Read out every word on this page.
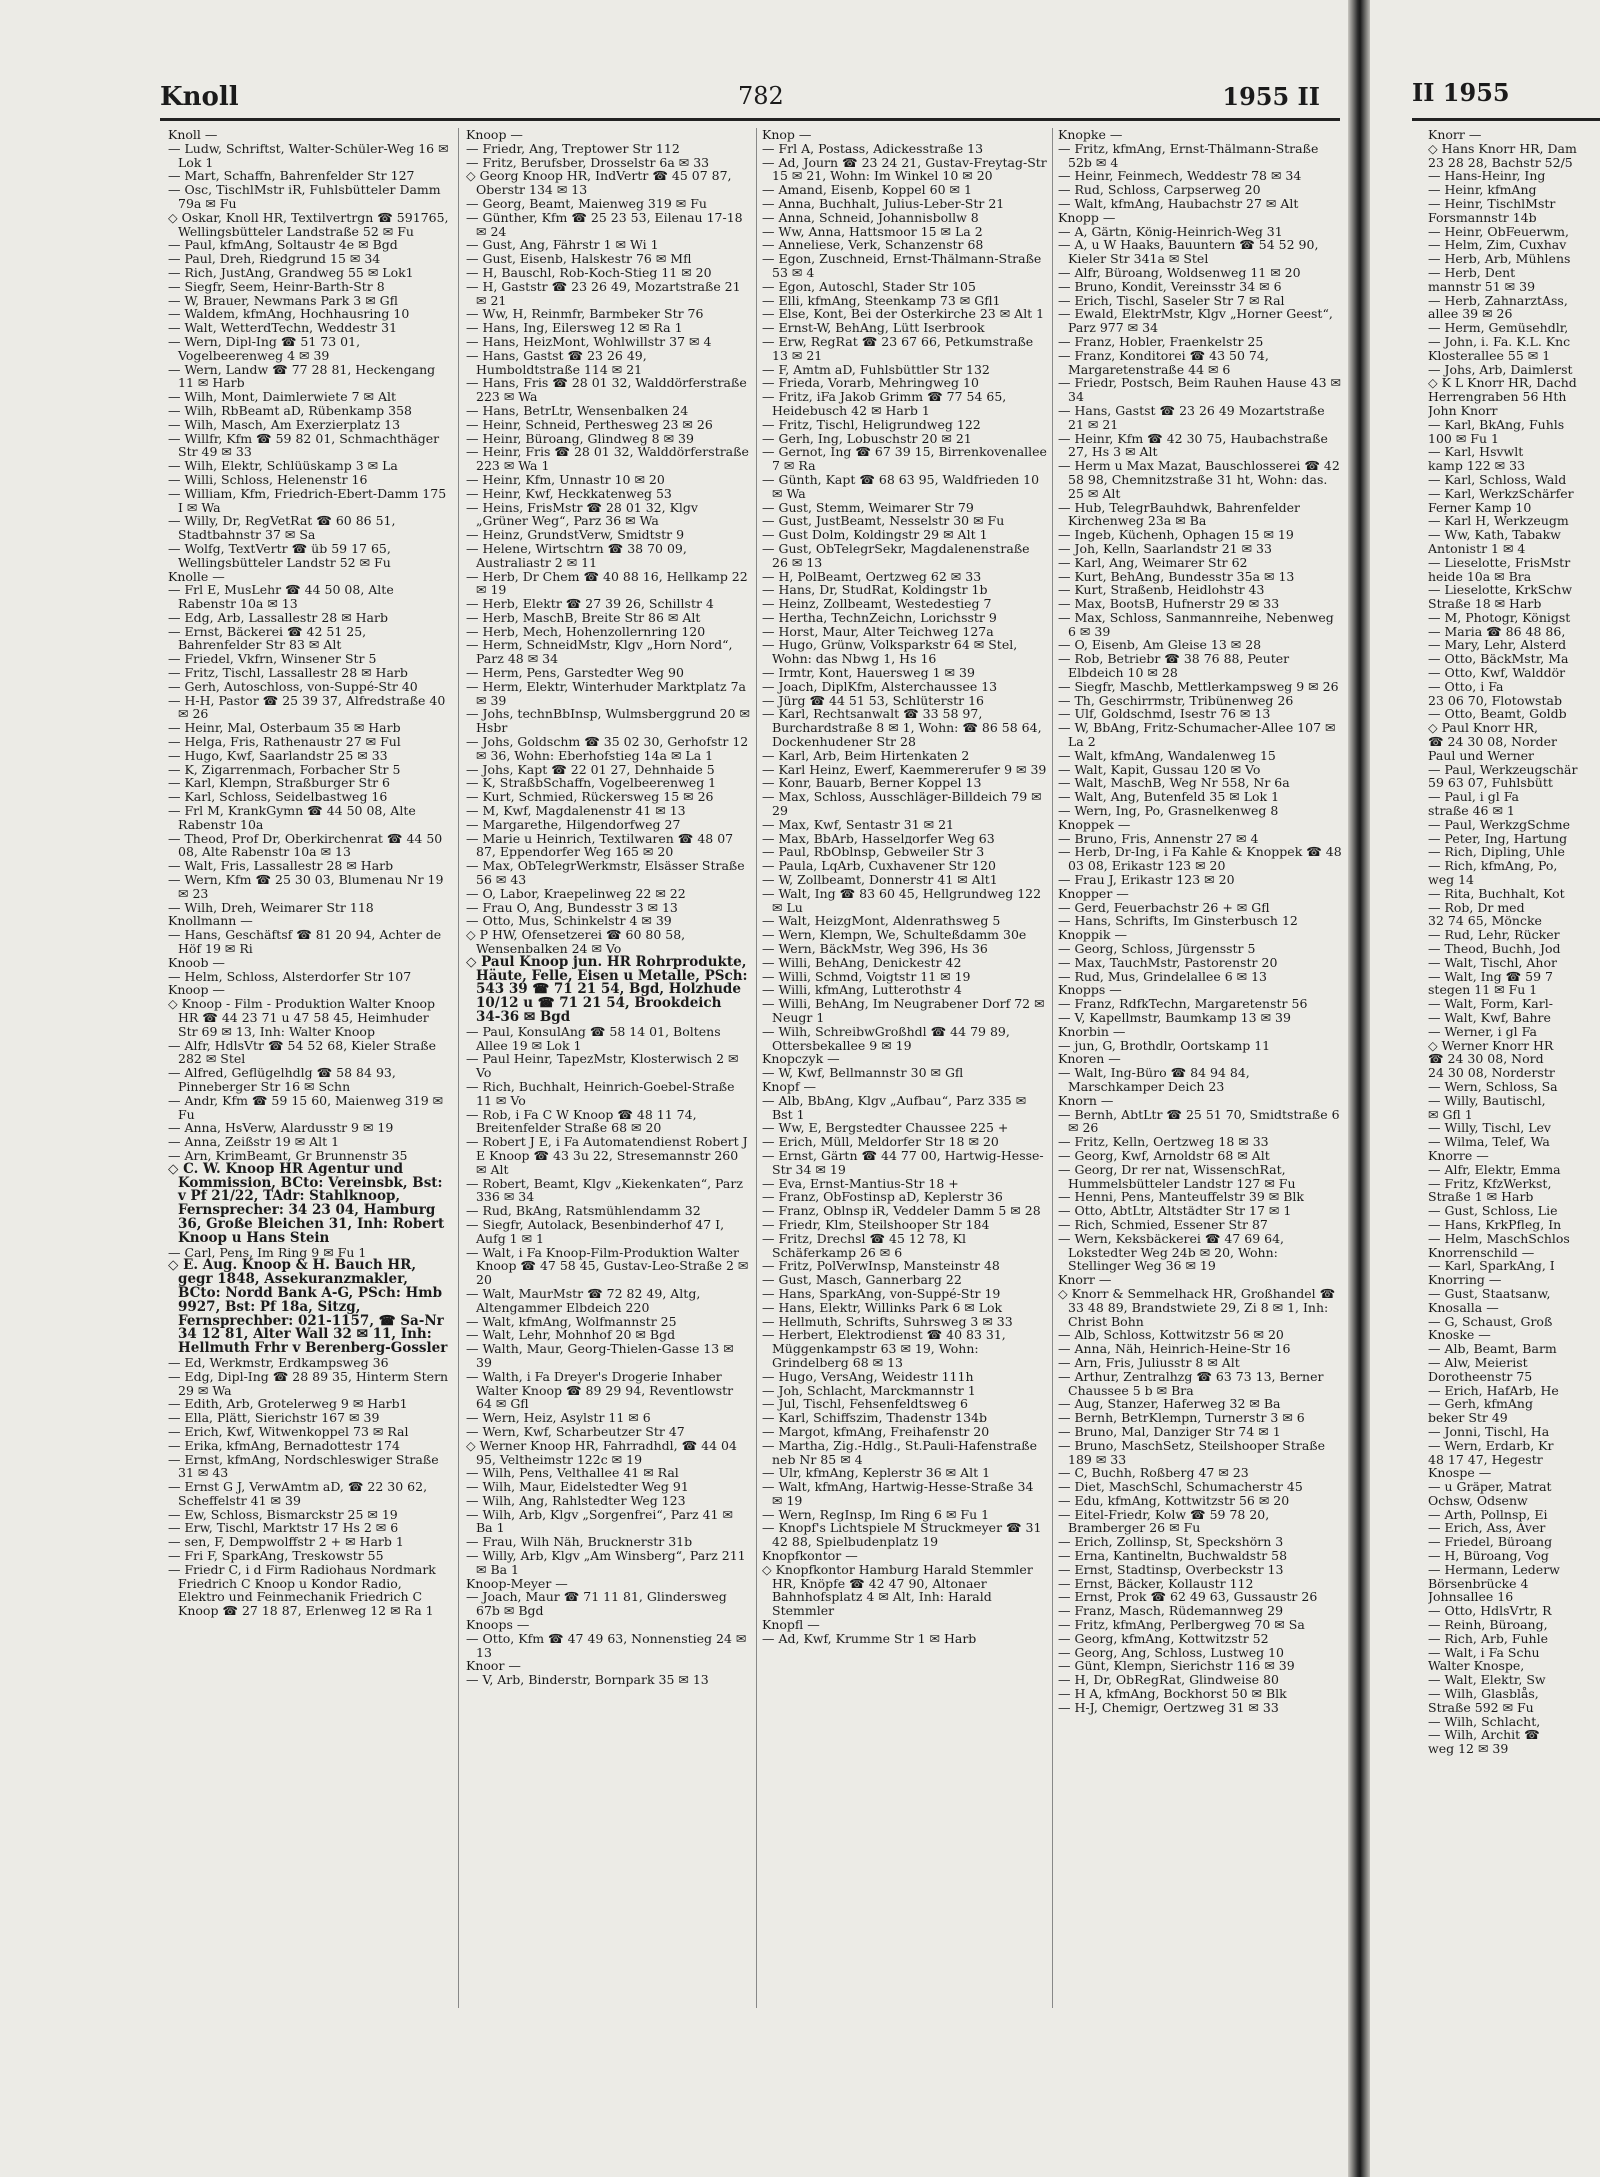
Knoll	782	1955 II

Knoll —

— Ludw, Schriftst, Walter-Schüler-Weg 16 ✉ Lok 1

— Mart, Schaffn, Bahrenfelder Str 127

— Osc, TischlMstr iR, Fuhlsbütteler Damm 79a ✉ Fu

◇ Oskar, Knoll HR, Textilvertrgn ☎ 591765, Wellingsbütteler Landstraße 52 ✉ Fu

— Paul, kfmAng, Soltaustr 4e ✉ Bgd

— Paul, Dreh, Riedgrund 15 ✉ 34

— Rich, JustAng, Grandweg 55 ✉ Lok1

— Siegfr, Seem, Heinr-Barth-Str 8

— W, Brauer, Newmans Park 3 ✉ Gfl

— Waldem, kfmAng, Hochhausring 10

— Walt, WetterdTechn, Weddestr 31

— Wern, Dipl-Ing ☎ 51 73 01, Vogelbeerenweg 4 ✉ 39

— Wern, Landw ☎ 77 28 81, Heckengang 11 ✉ Harb

— Wilh, Mont, Daimlerwiete 7 ✉ Alt

— Wilh, RbBeamt aD, Rübenkamp 358

— Wilh, Masch, Am Exerzierplatz 13

— Willfr, Kfm ☎ 59 82 01, Schmachthäger Str 49 ✉ 33

— Wilh, Elektr, Schlüüskamp 3 ✉ La

— Willi, Schloss, Helenenstr 16

— William, Kfm, Friedrich-Ebert-Damm 175 I ✉ Wa

— Willy, Dr, RegVetRat ☎ 60 86 51, Stadtbahnstr 37 ✉ Sa

— Wolfg, TextVertr ☎ üb 59 17 65, Wellingsbütteler Landstr 52 ✉ Fu

Knolle —

— Frl E, MusLehr ☎ 44 50 08, Alte Rabenstr 10a ✉ 13

— Edg, Arb, Lassallestr 28 ✉ Harb

— Ernst, Bäckerei ☎ 42 51 25, Bahrenfelder Str 83 ✉ Alt

— Friedel, Vkfrn, Winsener Str 5

— Fritz, Tischl, Lassallestr 28 ✉ Harb

— Gerh, Autoschloss, von-Suppé-Str 40

— H-H, Pastor ☎ 25 39 37, Alfredstraße 40 ✉ 26

— Heinr, Mal, Osterbaum 35 ✉ Harb

— Helga, Fris, Rathenaustr 27 ✉ Ful

— Hugo, Kwf, Saarlandstr 25 ✉ 33

— K, Zigarrenmach, Forbacher Str 5

— Karl, Klempn, Straßburger Str 6

— Karl, Schloss, Seidelbastweg 16

— Frl M, KrankGymn ☎ 44 50 08, Alte Rabenstr 10a

— Theod, Prof Dr, Oberkirchenrat ☎ 44 50 08, Alte Rabenstr 10a ✉ 13

— Walt, Fris, Lassallestr 28 ✉ Harb

— Wern, Kfm ☎ 25 30 03, Blumenau Nr 19 ✉ 23

— Wilh, Dreh, Weimarer Str 118

Knollmann —

— Hans, Geschäftsf ☎ 81 20 94, Achter de Höf 19 ✉ Ri

Knoob —

— Helm, Schloss, Alsterdorfer Str 107

Knoop —

◇ Knoop - Film - Produktion Walter Knoop HR ☎ 44 23 71 u 47 58 45, Heimhuder Str 69 ✉ 13, Inh: Walter Knoop

— Alfr, HdlsVtr ☎ 54 52 68, Kieler Straße 282 ✉ Stel

— Alfred, Geflügelhdlg ☎ 58 84 93, Pinneberger Str 16 ✉ Schn

— Andr, Kfm ☎ 59 15 60, Maienweg 319 ✉ Fu

— Anna, HsVerw, Alardusstr 9 ✉ 19

— Anna, Zeißstr 19 ✉ Alt 1

— Arn, KrimBeamt, Gr Brunnenstr 35

◇ C. W. Knoop HR Agentur und Kommission, BCto: Vereinsbk, Bst: v Pf 21/22, TAdr: Stahlknoop, Fernsprecher: 34 23 04, Hamburg 36, Große Bleichen 31, Inh: Robert Knoop u Hans Stein

— Carl, Pens, Im Ring 9 ✉ Fu 1

◇ E. Aug. Knoop & H. Bauch HR, gegr 1848, Assekuranzmakler, BCto: Nordd Bank A-G, PSch: Hmb 9927, Bst: Pf 18a, Sitzg, Fernsprechber: 021-1157, ☎ Sa-Nr 34 12 81, Alter Wall 32 ✉ 11, Inh: Hellmuth Frhr v Berenberg-Gossler

— Ed, Werkmstr, Erdkampsweg 36

— Edg, Dipl-Ing ☎ 28 89 35, Hinterm Stern 29 ✉ Wa

— Edith, Arb, Grotelerweg 9 ✉ Harb1

— Ella, Plätt, Sierichstr 167 ✉ 39

— Erich, Kwf, Witwenkoppel 73 ✉ Ral

— Erika, kfmAng, Bernadottestr 174

— Ernst, kfmAng, Nordschleswiger Straße 31 ✉ 43

— Ernst G J, VerwAmtm aD, ☎ 22 30 62, Scheffelstr 41 ✉ 39

— Ew, Schloss, Bismarckstr 25 ✉ 19

— Erw, Tischl, Marktstr 17 Hs 2 ✉ 6

— sen, F, Dempwolffstr 2 + ✉ Harb 1

— Fri F, SparkAng, Treskowstr 55

— Friedr C, i d Firm Radiohaus Nordmark Friedrich C Knoop u Kondor Radio, Elektro und Feinmechanik Friedrich C Knoop ☎ 27 18 87, Erlenweg 12 ✉ Ra 1

Knoop —

— Friedr, Ang, Treptower Str 112

— Fritz, Berufsber, Drosselstr 6a ✉ 33

◇ Georg Knoop HR, IndVertr ☎ 45 07 87, Oberstr 134 ✉ 13

— Georg, Beamt, Maienweg 319 ✉ Fu

— Günther, Kfm ☎ 25 23 53, Eilenau 17-18 ✉ 24

— Gust, Ang, Fährstr 1 ✉ Wi 1

— Gust, Eisenb, Halskestr 76 ✉ Mfl

— H, Bauschl, Rob-Koch-Stieg 11 ✉ 20

— H, Gaststr ☎ 23 26 49, Mozartstraße 21 ✉ 21

— Ww, H, Reinmfr, Barmbeker Str 76

— Hans, Ing, Eilersweg 12 ✉ Ra 1

— Hans, HeizMont, Wohlwillstr 37 ✉ 4

— Hans, Gastst ☎ 23 26 49, Humboldtstraße 114 ✉ 21

— Hans, Fris ☎ 28 01 32, Walddörferstraße 223 ✉ Wa

— Hans, BetrLtr, Wensenbalken 24

— Heinr, Schneid, Perthesweg 23 ✉ 26

— Heinr, Büroang, Glindweg 8 ✉ 39

— Heinr, Fris ☎ 28 01 32, Walddörferstraße 223 ✉ Wa 1

— Heinr, Kfm, Unnastr 10 ✉ 20

— Heinr, Kwf, Heckkatenweg 53

— Heins, FrisMstr ☎ 28 01 32, Klgv „Grüner Weg“, Parz 36 ✉ Wa

— Heinz, GrundstVerw, Smidtstr 9

— Helene, Wirtschtrn ☎ 38 70 09, Australiastr 2 ✉ 11

— Herb, Dr Chem ☎ 40 88 16, Hellkamp 22 ✉ 19

— Herb, Elektr ☎ 27 39 26, Schillstr 4

— Herb, MaschB, Breite Str 86 ✉ Alt

— Herb, Mech, Hohenzollernring 120

— Herm, SchneidMstr, Klgv „Horn Nord“, Parz 48 ✉ 34

— Herm, Pens, Garstedter Weg 90

— Herm, Elektr, Winterhuder Marktplatz 7a ✉ 39

— Johs, technBbInsp, Wulmsberggrund 20 ✉ Hsbr

— Johs, Goldschm ☎ 35 02 30, Gerhofstr 12 ✉ 36, Wohn: Eberhofstieg 14a ✉ La 1

— Johs, Kapt ☎ 22 01 27, Dehnhaide 5

— K, StraßbSchaffn, Vogelbeerenweg 1

— Kurt, Schmied, Rückersweg 15 ✉ 26

— M, Kwf, Magdalenenstr 41 ✉ 13

— Margarethe, Hilgendorfweg 27

— Marie u Heinrich, Textilwaren ☎ 48 07 87, Eppendorfer Weg 165 ✉ 20

— Max, ObTelegrWerkmstr, Elsässer Straße 56 ✉ 43

— O, Labor, Kraepelinweg 22 ✉ 22

— Frau O, Ang, Bundesstr 3 ✉ 13

— Otto, Mus, Schinkelstr 4 ✉ 39

◇ P HW, Ofensetzerei ☎ 60 80 58, Wensenbalken 24 ✉ Vo

◇ Paul Knoop jun. HR Rohrprodukte, Häute, Felle, Eisen u Metalle, PSch: 543 39 ☎ 71 21 54, Bgd, Holzhude 10/12 u ☎ 71 21 54, Brookdeich 34-36 ✉ Bgd

— Paul, KonsulAng ☎ 58 14 01, Boltens Allee 19 ✉ Lok 1

— Paul Heinr, TapezMstr, Klosterwisch 2 ✉ Vo

— Rich, Buchhalt, Heinrich-Goebel-Straße 11 ✉ Vo

— Rob, i Fa C W Knoop ☎ 48 11 74, Breitenfelder Straße 68 ✉ 20

— Robert J E, i Fa Automatendienst Robert J E Knoop ☎ 43 3u 22, Stresemannstr 260 ✉ Alt

— Robert, Beamt, Klgv „Kiekenkaten“, Parz 336 ✉ 34

— Rud, BkAng, Ratsmühlendamm 32

— Siegfr, Autolack, Besenbinderhof 47 I, Aufg 1 ✉ 1

— Walt, i Fa Knoop-Film-Produktion Walter Knoop ☎ 47 58 45, Gustav-Leo-Straße 2 ✉ 20

— Walt, MaurMstr ☎ 72 82 49, Altg, Altengammer Elbdeich 220

— Walt, kfmAng, Wolfmannstr 25

— Walt, Lehr, Mohnhof 20 ✉ Bgd

— Walth, Maur, Georg-Thielen-Gasse 13 ✉ 39

— Walth, i Fa Dreyer's Drogerie Inhaber Walter Knoop ☎ 89 29 94, Reventlowstr 64 ✉ Gfl

— Wern, Heiz, Asylstr 11 ✉ 6

— Wern, Kwf, Scharbeutzer Str 47

◇ Werner Knoop HR, Fahrradhdl, ☎ 44 04 95, Veltheimstr 122c ✉ 19

— Wilh, Pens, Velthallee 41 ✉ Ral

— Wilh, Maur, Eidelstedter Weg 91

— Wilh, Ang, Rahlstedter Weg 123

— Wilh, Arb, Klgv „Sorgenfrei“, Parz 41 ✉ Ba 1

— Frau, Wilh Näh, Brucknerstr 31b

— Willy, Arb, Klgv „Am Winsberg“, Parz 211 ✉ Ba 1

Knoop-Meyer —

— Joach, Maur ☎ 71 11 81, Glindersweg 67b ✉ Bgd

Knoops —

— Otto, Kfm ☎ 47 49 63, Nonnenstieg 24 ✉ 13

Knoor —

— V, Arb, Binderstr, Bornpark 35 ✉ 13

Knop —

— Frl A, Postass, Adickesstraße 13

— Ad, Journ ☎ 23 24 21, Gustav-Freytag-Str 15 ✉ 21, Wohn: Im Winkel 10 ✉ 20

— Amand, Eisenb, Koppel 60 ✉ 1

— Anna, Buchhalt, Julius-Leber-Str 21

— Anna, Schneid, Johannisbollw 8

— Ww, Anna, Hattsmoor 15 ✉ La 2

— Anneliese, Verk, Schanzenstr 68

— Egon, Zuschneid, Ernst-Thälmann-Straße 53 ✉ 4

— Egon, Autoschl, Stader Str 105

— Elli, kfmAng, Steenkamp 73 ✉ Gfl1

— Else, Kont, Bei der Osterkirche 23 ✉ Alt 1

— Ernst-W, BehAng, Lütt Iserbrook

— Erw, RegRat ☎ 23 67 66, Petkumstraße 13 ✉ 21

— F, Amtm aD, Fuhlsbüttler Str 132

— Frieda, Vorarb, Mehringweg 10

— Fritz, iFa Jakob Grimm ☎ 77 54 65, Heidebusch 42 ✉ Harb 1

— Fritz, Tischl, Heligrundweg 122

— Gerh, Ing, Lobuschstr 20 ✉ 21

— Gernot, Ing ☎ 67 39 15, Birrenkovenallee 7 ✉ Ra

— Günth, Kapt ☎ 68 63 95, Waldfrieden 10 ✉ Wa

— Gust, Stemm, Weimarer Str 79

— Gust, JustBeamt, Nesselstr 30 ✉ Fu

— Gust Dolm, Koldingstr 29 ✉ Alt 1

— Gust, ObTelegrSekr, Magdalenenstraße 26 ✉ 13

— H, PolBeamt, Oertzweg 62 ✉ 33

— Hans, Dr, StudRat, Koldingstr 1b

— Heinz, Zollbeamt, Westedestieg 7

— Hertha, TechnZeichn, Lorichsstr 9

— Horst, Maur, Alter Teichweg 127a

— Hugo, Grünw, Volksparkstr 64 ✉ Stel, Wohn: das Nbwg 1, Hs 16

— Irmtr, Kont, Hauersweg 1 ✉ 39

— Joach, DiplKfm, Alsterchaussee 13

— Jürg ☎ 44 51 53, Schlüterstr 16

— Karl, Rechtsanwalt ☎ 33 58 97, Burchardstraße 8 ✉ 1, Wohn: ☎ 86 58 64, Dockenhudener Str 28

— Karl, Arb, Beim Hirtenkaten 2

— Karl Heinz, Ewerf, Kaemmererufer 9 ✉ 39

— Konr, Bauarb, Berner Koppel 13

— Max, Schloss, Ausschläger-Billdeich 79 ✉ 29

— Max, Kwf, Sentastr 31 ✉ 21

— Max, BbArb, Hasselдorfer Weg 63

— Paul, RbOblnsp, Gebweiler Str 3

— Paula, LqArb, Cuxhavener Str 120

— W, Zollbeamt, Donnerstr 41 ✉ Alt1

— Walt, Ing ☎ 83 60 45, Hellgrundweg 122 ✉ Lu

— Walt, HeizgMont, Aldenrathsweg 5

— Wern, Klempn, We, Schulteßdamm 30e

— Wern, BäckMstr, Weg 396, Hs 36

— Willi, BehAng, Denickestr 42

— Willi, Schmd, Voigtstr 11 ✉ 19

— Willi, kfmAng, Lutterothstr 4

— Willi, BehAng, Im Neugrabener Dorf 72 ✉ Neugr 1

— Wilh, SchreibwGroßhdl ☎ 44 79 89, Ottersbekallee 9 ✉ 19

Knopczyk —

— W, Kwf, Bellmannstr 30 ✉ Gfl

Knopf —

— Alb, BbAng, Klgv „Aufbau“, Parz 335 ✉ Bst 1

— Ww, E, Bergstedter Chaussee 225 +

— Erich, Müll, Meldorfer Str 18 ✉ 20

— Ernst, Gärtn ☎ 44 77 00, Hartwig-Hesse-Str 34 ✉ 19

— Eva, Ernst-Mantius-Str 18 +

— Franz, ObFostinsp aD, Keplerstr 36

— Franz, Oblnsp iR, Veddeler Damm 5 ✉ 28

— Friedr, Klm, Steilshooper Str 184

— Fritz, Drechsl ☎ 45 12 78, Kl Schäferkamp 26 ✉ 6

— Fritz, PolVerwInsp, Mansteinstr 48

— Gust, Masch, Gannerbarg 22

— Hans, SparkAng, von-Suppé-Str 19

— Hans, Elektr, Willinks Park 6 ✉ Lok

— Hellmuth, Schrifts, Suhrsweg 3 ✉ 33

— Herbert, Elektrodienst ☎ 40 83 31, Müggenkampstr 63 ✉ 19, Wohn: Grindelberg 68 ✉ 13

— Hugo, VersAng, Weidestr 111h

— Joh, Schlacht, Marckmannstr 1

— Jul, Tischl, Fehsenfeldtsweg 6

— Karl, Schiffszim, Thadenstr 134b

— Margot, kfmAng, Freihafenstr 20

— Martha, Zig.-Hdlg., St.Pauli-Hafenstraße neb Nr 85 ✉ 4

— Ulr, kfmAng, Keplerstr 36 ✉ Alt 1

— Walt, kfmAng, Hartwig-Hesse-Straße 34 ✉ 19

— Wern, RegInsp, Im Ring 6 ✉ Fu 1

— Knopf's Lichtspiele M Struckmeyer ☎ 31 42 88, Spielbudenplatz 19

Knopfkontor —

◇ Knopfkontor Hamburg Harald Stemmler HR, Knöpfe ☎ 42 47 90, Altonaer Bahnhofsplatz 4 ✉ Alt, Inh: Harald Stemmler

Knopfl —

— Ad, Kwf, Krumme Str 1 ✉ Harb

Knopke —

— Fritz, kfmAng, Ernst-Thälmann-Straße 52b ✉ 4

— Heinr, Feinmech, Weddestr 78 ✉ 34

— Rud, Schloss, Carpserweg 20

— Walt, kfmAng, Haubachstr 27 ✉ Alt

Knopp —

— A, Gärtn, König-Heinrich-Weg 31

— A, u W Haaks, Bauuntern ☎ 54 52 90, Kieler Str 341a ✉ Stel

— Alfr, Büroang, Woldsenweg 11 ✉ 20

— Bruno, Kondit, Vereinsstr 34 ✉ 6

— Erich, Tischl, Saseler Str 7 ✉ Ral

— Ewald, ElektrMstr, Klgv „Horner Geest“, Parz 977 ✉ 34

— Franz, Hobler, Fraenkelstr 25

— Franz, Konditorei ☎ 43 50 74, Margaretenstraße 44 ✉ 6

— Friedr, Postsch, Beim Rauhen Hause 43 ✉ 34

— Hans, Gastst ☎ 23 26 49 Mozartstraße 21 ✉ 21

— Heinr, Kfm ☎ 42 30 75, Haubachstraße 27, Hs 3 ✉ Alt

— Herm u Max Mazat, Bauschlosserei ☎ 42 58 98, Chemnitzstraße 31 ht, Wohn: das. 25 ✉ Alt

— Hub, TelegrBauhdwk, Bahrenfelder Kirchenweg 23a ✉ Ba

— Ingeb, Küchenh, Ophagen 15 ✉ 19

— Joh, Kelln, Saarlandstr 21 ✉ 33

— Karl, Ang, Weimarer Str 62

— Kurt, BehAng, Bundesstr 35a ✉ 13

— Kurt, Straßenb, Heidlohstr 43

— Max, BootsB, Hufnerstr 29 ✉ 33

— Max, Schloss, Sanmannreihe, Nebenweg 6 ✉ 39

— O, Eisenb, Am Gleise 13 ✉ 28

— Rob, Betriebr ☎ 38 76 88, Peuter Elbdeich 10 ✉ 28

— Siegfr, Maschb, Mettlerkampsweg 9 ✉ 26

— Th, Geschirrmstr, Tribünenweg 26

— Ulf, Goldschmd, Isestr 76 ✉ 13

— W, BbAng, Fritz-Schumacher-Allee 107 ✉ La 2

— Walt, kfmAng, Wandalenweg 15

— Walt, Kapit, Gussau 120 ✉ Vo

— Walt, MaschB, Weg Nr 558, Nr 6a

— Walt, Ang, Butenfeld 35 ✉ Lok 1

— Wern, Ing, Po, Grasnelkenweg 8

Knoppek —

— Bruno, Fris, Annenstr 27 ✉ 4

— Herb, Dr-Ing, i Fa Kahle & Knoppek ☎ 48 03 08, Erikastr 123 ✉ 20

— Frau J, Erikastr 123 ✉ 20

Knopper —

— Gerd, Feuerbachstr 26 + ✉ Gfl

— Hans, Schrifts, Im Ginsterbusch 12

Knoppik —

— Georg, Schloss, Jürgensstr 5

— Max, TauchMstr, Pastorenstr 20

— Rud, Mus, Grindelallee 6 ✉ 13

Knopps —

— Franz, RdfkTechn, Margaretenstr 56

— V, Kapellmstr, Baumkamp 13 ✉ 39

Knorbin —

— jun, G, Brothdlr, Oortskamp 11

Knoren —

— Walt, Ing-Büro ☎ 84 94 84, Marschkamper Deich 23

Knorn —

— Bernh, AbtLtr ☎ 25 51 70, Smidtstraße 6 ✉ 26

— Fritz, Kelln, Oertzweg 18 ✉ 33

— Georg, Kwf, Arnoldstr 68 ✉ Alt

— Georg, Dr rer nat, WissenschRat, Hummelsbütteler Landstr 127 ✉ Fu

— Henni, Pens, Manteuffelstr 39 ✉ Blk

— Otto, AbtLtr, Altstädter Str 17 ✉ 1

— Rich, Schmied, Essener Str 87

— Wern, Keksbäckerei ☎ 47 69 64, Lokstedter Weg 24b ✉ 20, Wohn: Stellinger Weg 36 ✉ 19

Knorr —

◇ Knorr & Semmelhack HR, Großhandel ☎ 33 48 89, Brandstwiete 29, Zi 8 ✉ 1, Inh: Christ Bohn

— Alb, Schloss, Kottwitzstr 56 ✉ 20

— Anna, Näh, Heinrich-Heine-Str 16

— Arn, Fris, Juliusstr 8 ✉ Alt

— Arthur, Zentralhzg ☎ 63 73 13, Berner Chaussee 5 b ✉ Bra

— Aug, Stanzer, Haferweg 32 ✉ Ba

— Bernh, BetrKlempn, Turnerstr 3 ✉ 6

— Bruno, Mal, Danziger Str 74 ✉ 1

— Bruno, MaschSetz, Steilshooper Straße 189 ✉ 33

— C, Buchh, Roßberg 47 ✉ 23

— Diet, MaschSchl, Schumacherstr 45

— Edu, kfmAng, Kottwitzstr 56 ✉ 20

— Eitel-Friedr, Kolw ☎ 59 78 20, Bramberger 26 ✉ Fu

— Erich, Zollinsp, St, Speckshörn 3

— Erna, Kantineltn, Buchwaldstr 58

— Ernst, Stadtinsp, Overbeckstr 13

— Ernst, Bäcker, Kollaustr 112

— Ernst, Prok ☎ 62 49 63, Gussaustr 26

— Franz, Masch, Rüdemannweg 29

— Fritz, kfmAng, Perlbergweg 70 ✉ Sa

— Georg, kfmAng, Kottwitzstr 52

— Georg, Ang, Schloss, Lustweg 10

— Günt, Klempn, Sierichstr 116 ✉ 39

— H, Dr, ObRegRat, Glindweise 80

— H A, kfmAng, Bockhorst 50 ✉ Blk

— H-J, Chemigr, Oertzweg 31 ✉ 33

II 1955

Knorr —

◇ Hans Knorr HR, Dam

23 28 28, Bachstr 52/5

— Hans-Heinr, Ing

— Heinr, kfmAng

— Heinr, TischlMstr

Forsmannstr 14b

— Heinr, ObFeuerwm,

— Helm, Zim, Cuxhav

— Herb, Arb, Mühlens

— Herb, Dent

mannstr 51 ✉ 39

— Herb, ZahnarztAss,

allee 39 ✉ 26

— Herm, Gemüsehdlr,

— John, i. Fa. K.L. Knc

Klosterallee 55 ✉ 1

— Johs, Arb, Daimlerst

◇ K L Knorr HR, Dachd

Herrengraben 56 Hth

John Knorr

— Karl, BkAng, Fuhls

100 ✉ Fu 1

— Karl, Hsvwlt

kamp 122 ✉ 33

— Karl, Schloss, Wald

— Karl, WerkzSchärfer

Ferner Kamp 10

— Karl H, Werkzeugm

— Ww, Kath, Tabakw

Antonistr 1 ✉ 4

— Lieselotte, FrisMstr

heide 10a ✉ Bra

— Lieselotte, KrkSchw

Straße 18 ✉ Harb

— M, Photogr, Königst

— Maria ☎ 86 48 86,

— Mary, Lehr, Alsterd

— Otto, BäckMstr, Ma

— Otto, Kwf, Walddör

— Otto, i Fa

23 06 70, Flotowstab

— Otto, Beamt, Goldb

◇ Paul Knorr HR,

☎ 24 30 08, Norder

Paul und Werner

— Paul, Werkzeugschär

59 63 07, Fuhlsbütt

— Paul, i gl Fa

straße 46 ✉ 1

— Paul, WerkzgSchme

— Peter, Ing, Hartung

— Rich, Dipling, Uhle

— Rich, kfmAng, Po,

weg 14

— Rita, Buchhalt, Kot

— Rob, Dr med

32 74 65, Möncke

— Rud, Lehr, Rücker

— Theod, Buchh, Jod

— Walt, Tischl, Ahor

— Walt, Ing ☎ 59 7

stegen 11 ✉ Fu 1

— Walt, Form, Karl-

— Walt, Kwf, Bahre

— Werner, i gl Fa

◇ Werner Knorr HR

☎ 24 30 08, Nord

24 30 08, Norderstr

— Wern, Schloss, Sa

— Willy, Bautischl,

✉ Gfl 1

— Willy, Tischl, Lev

— Wilma, Telef, Wa

Knorre —

— Alfr, Elektr, Emma

— Fritz, KfzWerkst,

Straße 1 ✉ Harb

— Gust, Schloss, Lie

— Hans, KrkPfleg, In

— Helm, MaschSchlos

Knorrenschild —

— Karl, SparkAng, I

Knorring —

— Gust, Staatsanw,

Knosalla —

— G, Schaust, Groß

Knoske —

— Alb, Beamt, Barm

— Alw, Meierist

Dorotheenstr 75

— Erich, HafArb, He

— Gerh, kfmAng

beker Str 49

— Jonni, Tischl, Ha

— Wern, Erdarb, Kr

48 17 47, Hegestr

Knospe —

— u Gräper, Matrat

Ochsw, Odsenw

— Arth, Pollnsp, Ei

— Erich, Ass, Aver

— Friedel, Büroang

— H, Büroang, Vog

— Hermann, Lederw

Börsenbrücke 4

Johnsallee 16

— Otto, HdlsVrtr, R

— Reinh, Büroang,

— Rich, Arb, Fuhle

— Walt, i Fa Schu

Walter Knospe,

— Walt, Elektr, Sw

— Wilh, Glasblås,

Straße 592 ✉ Fu

— Wilh, Schlacht,

— Wilh, Archit ☎

weg 12 ✉ 39
